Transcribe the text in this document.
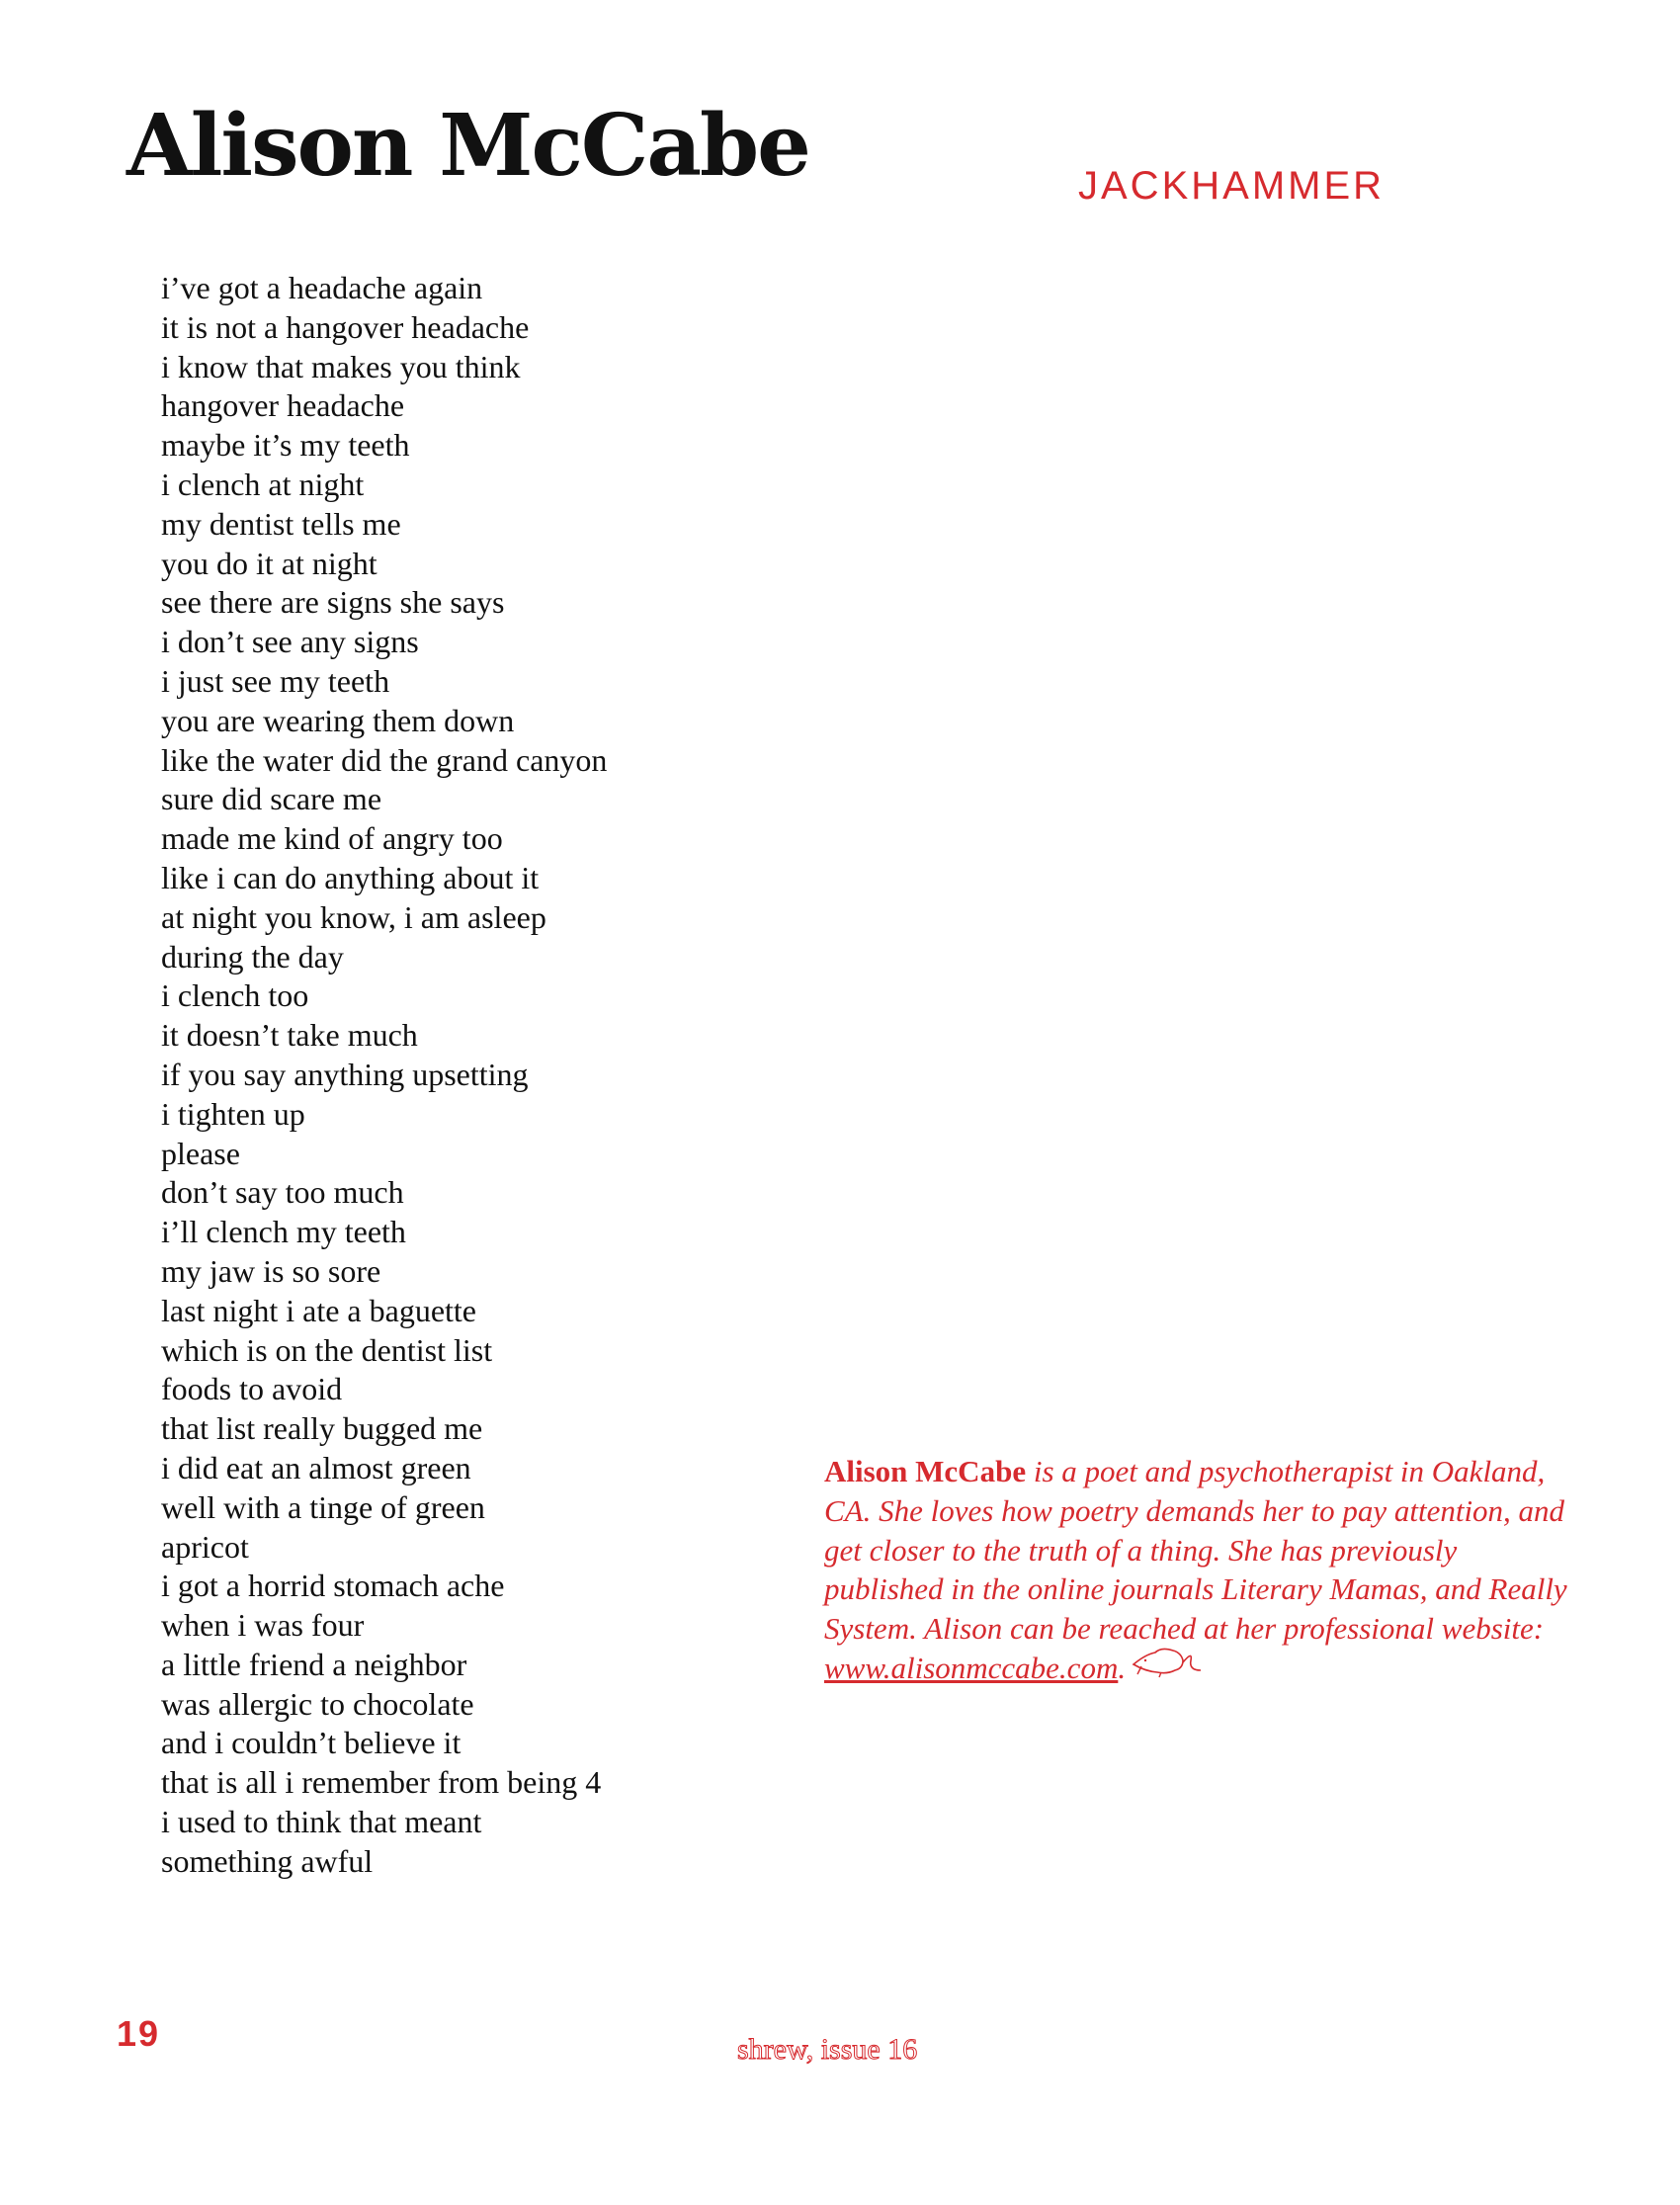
Alison McCabe	JACKHAMMER
i’ve got a headache again
it is not a hangover headache
i know that makes you think
hangover headache
maybe it’s my teeth
i clench at night
my dentist tells me
you do it at night
see there are signs she says
i don’t see any signs
i just see my teeth
you are wearing them down
like the water did the grand canyon
sure did scare me
made me kind of angry too
like i can do anything about it
at night you know, i am asleep
during the day
i clench too
it doesn’t take much
if you say anything upsetting
i tighten up
please
don’t say too much
i’ll clench my teeth
my jaw is so sore
last night i ate a baguette
which is on the dentist list
foods to avoid
that list really bugged me
i did eat an almost green
well with a tinge of green
apricot
i got a horrid stomach ache
when i was four
a little friend a neighbor
was allergic to chocolate
and i couldn’t believe it
that is all i remember from being 4
i used to think that meant
something awful

Alison McCabe is a poet and psychotherapist in Oakland, CA. She loves how poetry demands her to pay attention, and get closer to the truth of a thing. She has previously published in the online journals Literary Mamas, and Really System. Alison can be reached at her professional website: www.alisonmccabe.com.

19	shrew, issue 16
